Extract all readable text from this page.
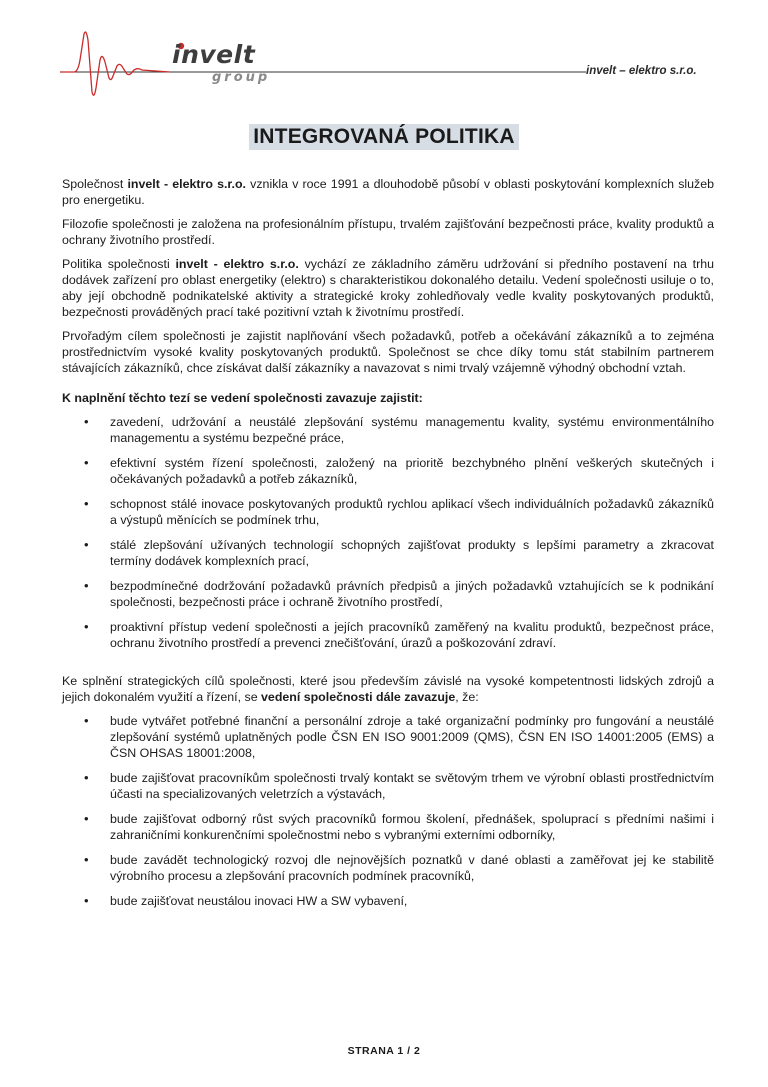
invelt
group	invelt – elektro s.r.o.
INTEGROVANÁ POLITIKA

Společnost invelt - elektro s.r.o. vznikla v roce 1991 a dlouhodobě působí v oblasti poskytování komplexních služeb pro energetiku.

Filozofie společnosti je založena na profesionálním přístupu, trvalém zajišťování bezpečnosti práce, kvality produktů a ochrany životního prostředí.

Politika společnosti invelt - elektro s.r.o. vychází ze základního záměru udržování si předního postavení na trhu dodávek zařízení pro oblast energetiky (elektro) s charakteristikou dokonalého detailu. Vedení společnosti usiluje o to, aby její obchodně podnikatelské aktivity a strategické kroky zohledňovaly vedle kvality poskytovaných produktů, bezpečnosti prováděných prací také pozitivní vztah k životnímu prostředí.

Prvořadým cílem společnosti je zajistit naplňování všech požadavků, potřeb a očekávání zákazníků a to zejména prostřednictvím vysoké kvality poskytovaných produktů. Společnost se chce díky tomu stát stabilním partnerem stávajících zákazníků, chce získávat další zákazníky a navazovat s nimi trvalý vzájemně výhodný obchodní vztah.

K naplnění těchto tezí se vedení společnosti zavazuje zajistit:

• zavedení, udržování a neustálé zlepšování systému managementu kvality, systému environmentálního managementu a systému bezpečné práce,
• efektivní systém řízení společnosti, založený na prioritě bezchybného plnění veškerých skutečných i očekávaných požadavků a potřeb zákazníků,
• schopnost stálé inovace poskytovaných produktů rychlou aplikací všech individuálních požadavků zákazníků a výstupů měnících se podmínek trhu,
• stálé zlepšování užívaných technologií schopných zajišťovat produkty s lepšími parametry a zkracovat termíny dodávek komplexních prací,
• bezpodmínečné dodržování požadavků právních předpisů a jiných požadavků vztahujících se k podnikání společnosti, bezpečnosti práce i ochraně životního prostředí,
• proaktivní přístup vedení společnosti a jejích pracovníků zaměřený na kvalitu produktů, bezpečnost práce, ochranu životního prostředí a prevenci znečišťování, úrazů a poškozování zdraví.

Ke splnění strategických cílů společnosti, které jsou především závislé na vysoké kompetentnosti lidských zdrojů a jejich dokonalém využití a řízení, se vedení společnosti dále zavazuje, že:

• bude vytvářet potřebné finanční a personální zdroje a také organizační podmínky pro fungování a neustálé zlepšování systémů uplatněných podle ČSN EN ISO 9001:2009 (QMS), ČSN EN ISO 14001:2005 (EMS) a ČSN OHSAS 18001:2008,
• bude zajišťovat pracovníkům společnosti trvalý kontakt se světovým trhem ve výrobní oblasti prostřednictvím účasti na specializovaných veletrzích a výstavách,
• bude zajišťovat odborný růst svých pracovníků formou školení, přednášek, spoluprací s předními našimi i zahraničními konkurenčními společnostmi nebo s vybranými externími odborníky,
• bude zavádět technologický rozvoj dle nejnovějších poznatků v dané oblasti a zaměřovat jej ke stabilitě výrobního procesu a zlepšování pracovních podmínek pracovníků,
• bude zajišťovat neustálou inovaci HW a SW vybavení,
STRANA 1 / 2
